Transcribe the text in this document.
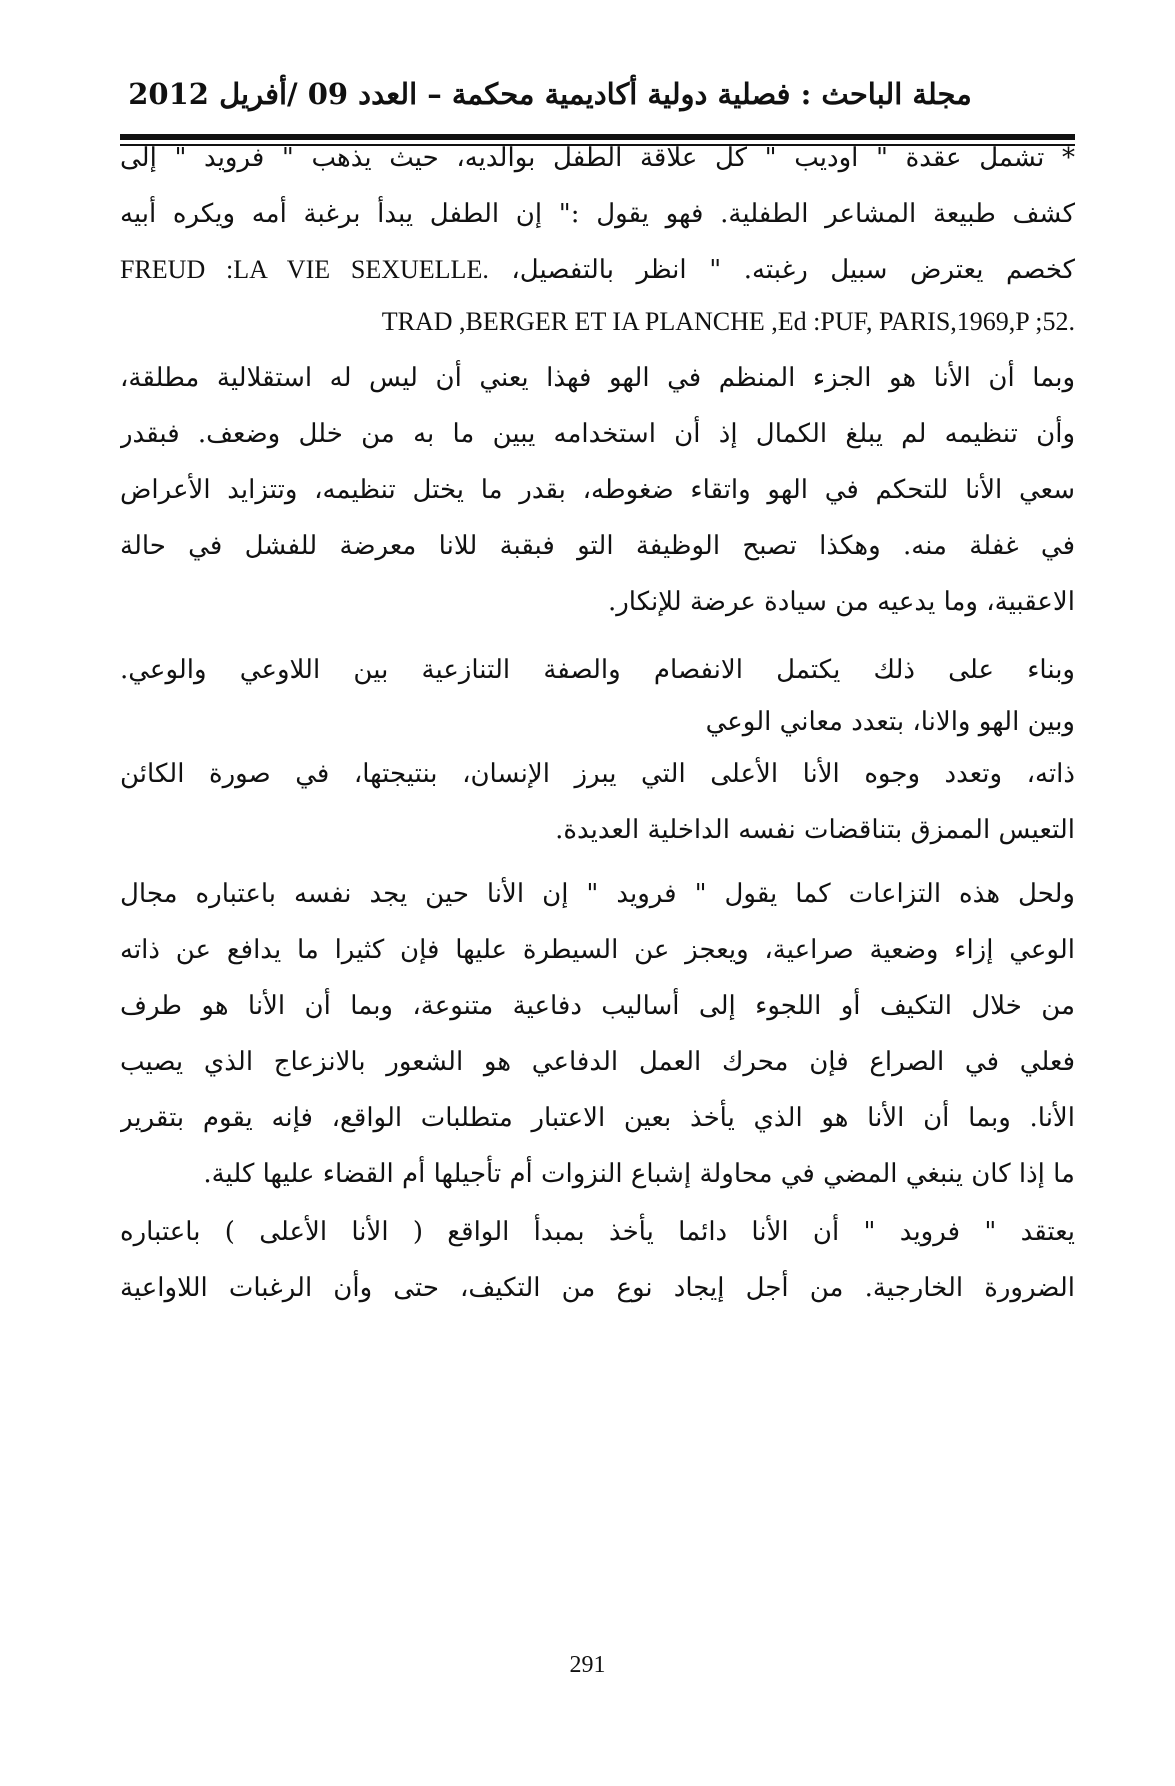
مجلة الباحث : فصلية دولية أكاديمية محكمة – العدد 09 /أفريل 2012
* تشمل عقدة " اوديب " كل علاقة الطفل بوالديه، حيث يذهب " فرويد " إلى
كشف طبيعة المشاعر الطفلية. فهو يقول :" إن الطفل يبدأ برغبة أمه ويكره أبيه
كخصم يعترض سبيل رغبته. " انظر بالتفصيل، FREUD :LA VIE SEXUELLE.
TRAD ,BERGER ET IA PLANCHE ,Ed :PUF, PARIS,1969,P ;52.
وبما أن الأنا هو الجزء المنظم في الهو فهذا يعني أن ليس له استقلالية مطلقة،
وأن تنظيمه لم يبلغ الكمال إذ أن استخدامه يبين ما به من خلل وضعف. فبقدر
سعي الأنا للتحكم في الهو واتقاء ضغوطه، بقدر ما يختل تنظيمه، وتتزايد الأعراض
في غفلة منه. وهكذا تصبح الوظيفة التو فبقبة للانا معرضة للفشل في حالة
الاعقبية، وما يدعيه من سيادة عرضة للإنكار.
وبناء على ذلك يكتمل الانفصام والصفة التنازعية بين اللاوعي والوعي.
وبين الهو والانا، بتعدد معاني الوعي
ذاته، وتعدد وجوه الأنا الأعلى التي يبرز الإنسان، بنتيجتها، في صورة الكائن
التعيس الممزق بتناقضات نفسه الداخلية العديدة.
ولحل هذه التزاعات كما يقول " فرويد " إن الأنا حين يجد نفسه باعتباره مجال
الوعي إزاء وضعية صراعية، ويعجز عن السيطرة عليها فإن كثيرا ما يدافع عن ذاته
من خلال التكيف أو اللجوء إلى أساليب دفاعية متنوعة، وبما أن الأنا هو طرف
فعلي في الصراع فإن محرك العمل الدفاعي هو الشعور بالانزعاج الذي يصيب
الأنا. وبما أن الأنا هو الذي يأخذ بعين الاعتبار متطلبات الواقع، فإنه يقوم بتقرير
ما إذا كان ينبغي المضي في محاولة إشباع النزوات أم تأجيلها أم القضاء عليها كلية.
يعتقد " فرويد " أن الأنا دائما يأخذ بمبدأ الواقع ( الأنا الأعلى ) باعتباره
الضرورة الخارجية. من أجل إيجاد نوع من التكيف، حتى وأن الرغبات اللاواعية
291
